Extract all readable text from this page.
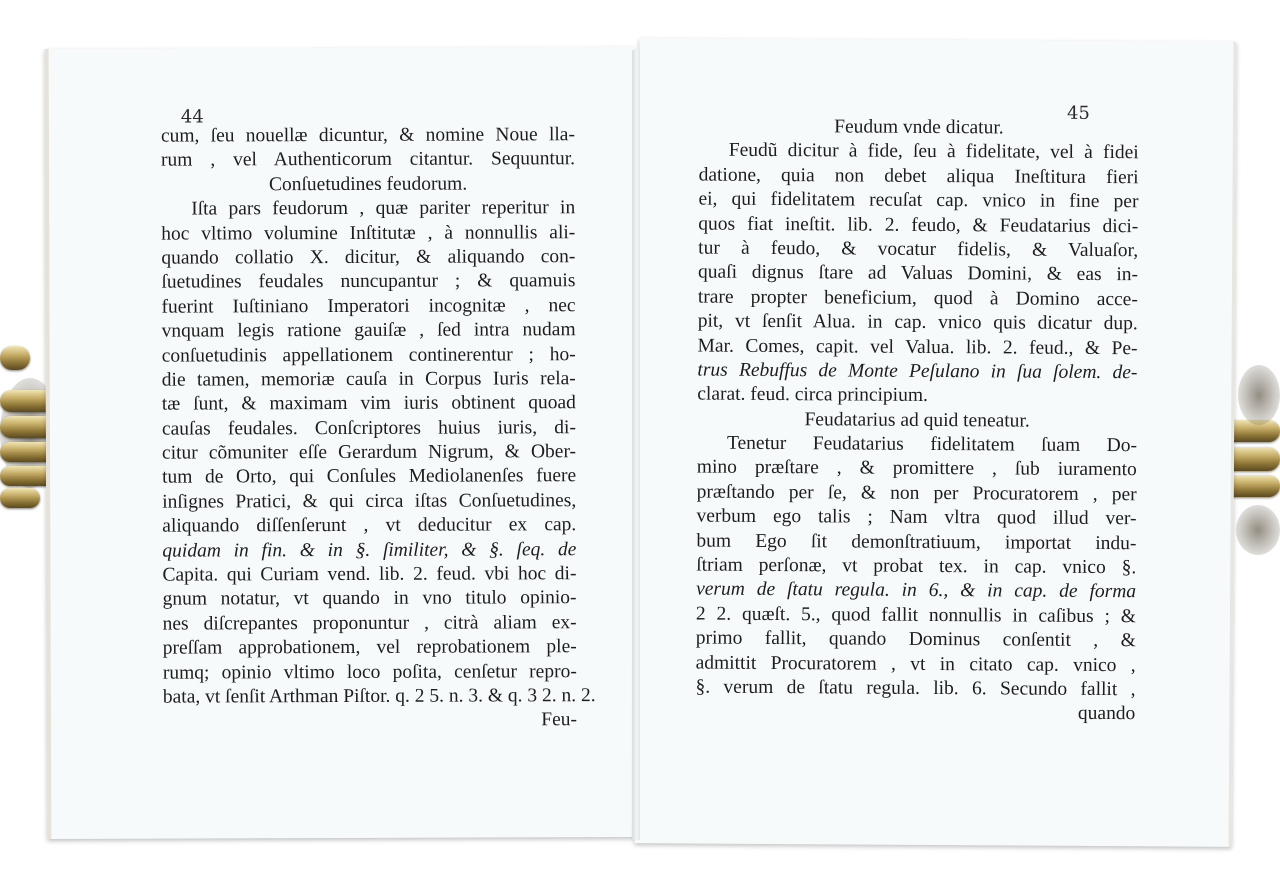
44
cum, ſeu nouellæ dicuntur, & nomine Noue lla-
rum , vel Authenticorum citantur. Sequuntur.
Conſuetudines feudorum.
Iſta pars feudorum , quæ pariter reperitur in
hoc vltimo volumine Inſtitutæ , à nonnullis ali-
quando collatio X. dicitur, & aliquando con-
ſuetudines feudales nuncupantur ; & quamuis
fuerint Iuſtiniano Imperatori incognitæ , nec
vnquam legis ratione gauiſæ , ſed intra nudam
conſuetudinis appellationem continerentur ; ho-
die tamen, memoriæ cauſa in Corpus Iuris rela-
tæ ſunt, & maximam vim iuris obtinent quoad
cauſas feudales. Conſcriptores huius iuris, di-
citur cõmuniter eſſe Gerardum Nigrum, & Ober-
tum de Orto, qui Conſules Mediolanenſes fuere
inſignes Pratici, & qui circa iſtas Conſuetudines,
aliquando diſſenſerunt , vt deducitur ex cap.
quidam in fin. & in §. ſimiliter, & §. ſeq. de
Capita. qui Curiam vend. lib. 2. feud. vbi hoc di-
gnum notatur, vt quando in vno titulo opinio-
nes diſcrepantes proponuntur , citrà aliam ex-
preſſam approbationem, vel reprobationem ple-
rumq; opinio vltimo loco poſita, cenſetur repro-
bata, vt ſenſit Arthman Piſtor. q. 2 5. n. 3. & q. 3 2. n. 2.
Feu-
45
Feudum vnde dicatur.
Feudũ dicitur à fide, ſeu à fidelitate, vel à fidei
datione, quia non debet aliqua Ineſtitura fieri
ei, qui fidelitatem recuſat cap. vnico in fine per
quos fiat ineſtit. lib. 2. feudo, & Feudatarius dici-
tur à feudo, & vocatur fidelis, & Valuaſor,
quaſi dignus ſtare ad Valuas Domini, & eas in-
trare propter beneficium, quod à Domino acce-
pit, vt ſenſit Alua. in cap. vnico quis dicatur dup.
Mar. Comes, capit. vel Valua. lib. 2. feud., & Pe-
trus Rebuffus de Monte Peſulano in ſua ſolem. de-
clarat. feud. circa principium.
Feudatarius ad quid teneatur.
Tenetur Feudatarius fidelitatem ſuam Do-
mino præſtare , & promittere , ſub iuramento
præſtando per ſe, & non per Procuratorem , per
verbum ego talis ; Nam vltra quod illud ver-
bum Ego ſit demonſtratiuum, importat indu-
ſtriam perſonæ, vt probat tex. in cap. vnico §.
verum de ſtatu regula. in 6., & in cap. de forma
2 2. quæſt. 5., quod fallit nonnullis in caſibus ; &
primo fallit, quando Dominus conſentit , &
admittit Procuratorem , vt in citato cap. vnico ,
§. verum de ſtatu regula. lib. 6. Secundo fallit ,
quando
